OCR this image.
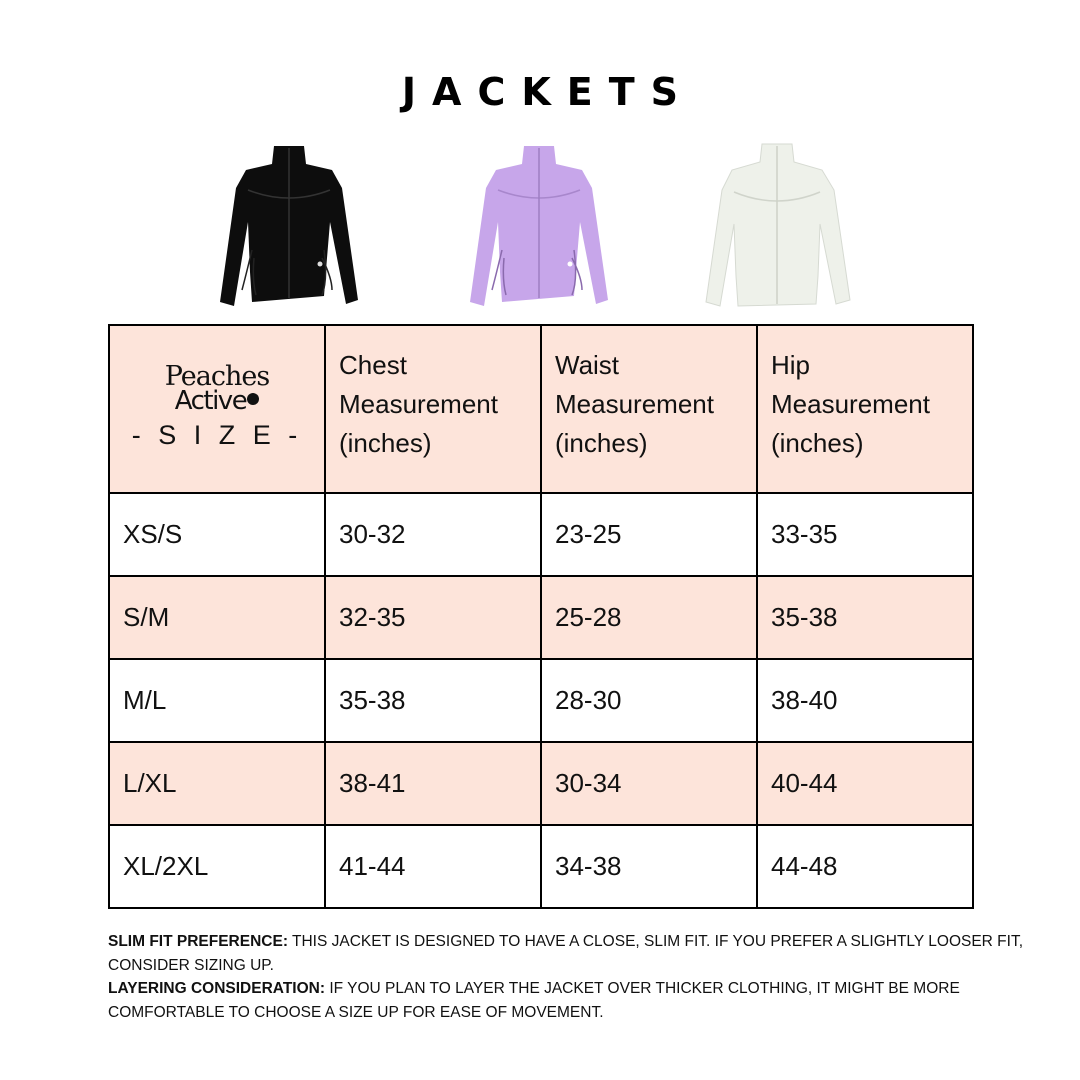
JACKETS
Peaches
Active
- S I Z E -	Chest
Measurement
(inches)	Waist
Measurement
(inches)	Hip
Measurement
(inches)
XS/S	30-32	23-25	33-35
S/M	32-35	25-28	35-38
M/L	35-38	28-30	38-40
L/XL	38-41	30-34	40-44
XL/2XL	41-44	34-38	44-48

SLIM FIT PREFERENCE: THIS JACKET IS DESIGNED TO HAVE A CLOSE, SLIM FIT. IF YOU PREFER A SLIGHTLY LOOSER FIT, CONSIDER SIZING UP.

LAYERING CONSIDERATION: IF YOU PLAN TO LAYER THE JACKET OVER THICKER CLOTHING, IT MIGHT BE MORE COMFORTABLE TO CHOOSE A SIZE UP FOR EASE OF MOVEMENT.
